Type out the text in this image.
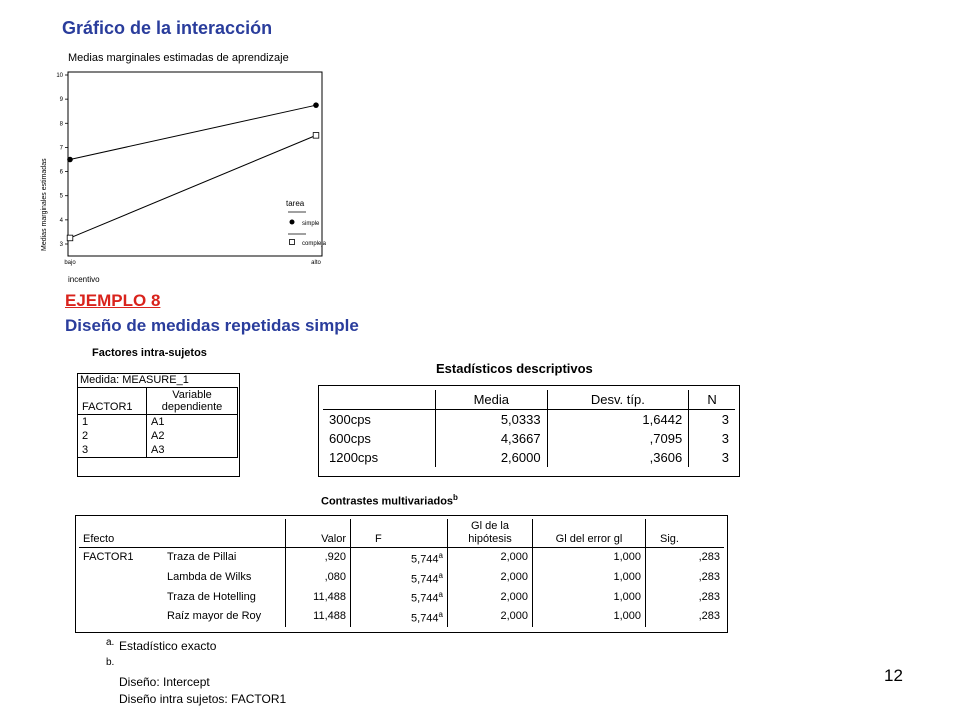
Gráfico de la interacción
Medias marginales estimadas de aprendizaje
3
4
5
6
7
8
9
10
bajo	alto
Medias marginales estimadas
incentivo
tarea
simple
compleja
EJEMPLO 8
Diseño de medidas repetidas simple
Factores intra-sujetos
Medida: MEASURE_1
FACTOR1	Variable
dependiente

1	A1
2	A2
3	A3
Estadísticos descriptivos
	Media	Desv. típ.	N
300cps	5,0333	1,6442	3
600cps	4,3667	,7095	3
1200cps	2,6000	,3606	3
Contrastes multivariados$^b$
Efecto		Valor	F	Gl de la
hipótesis	Gl del error gl	Sig.
FACTOR1	Traza de Pillai	,920	5,744$^a$	2,000	1,000	,283
	Lambda de Wilks	,080	5,744$^a$	2,000	1,000	,283
	Traza de Hotelling	11,488	5,744$^a$	2,000	1,000	,283
	Raíz mayor de Roy	11,488	5,744$^a$	2,000	1,000	,283
a. Estadístico exacto
b.
Diseño: Intercept
Diseño intra sujetos: FACTOR1
12
